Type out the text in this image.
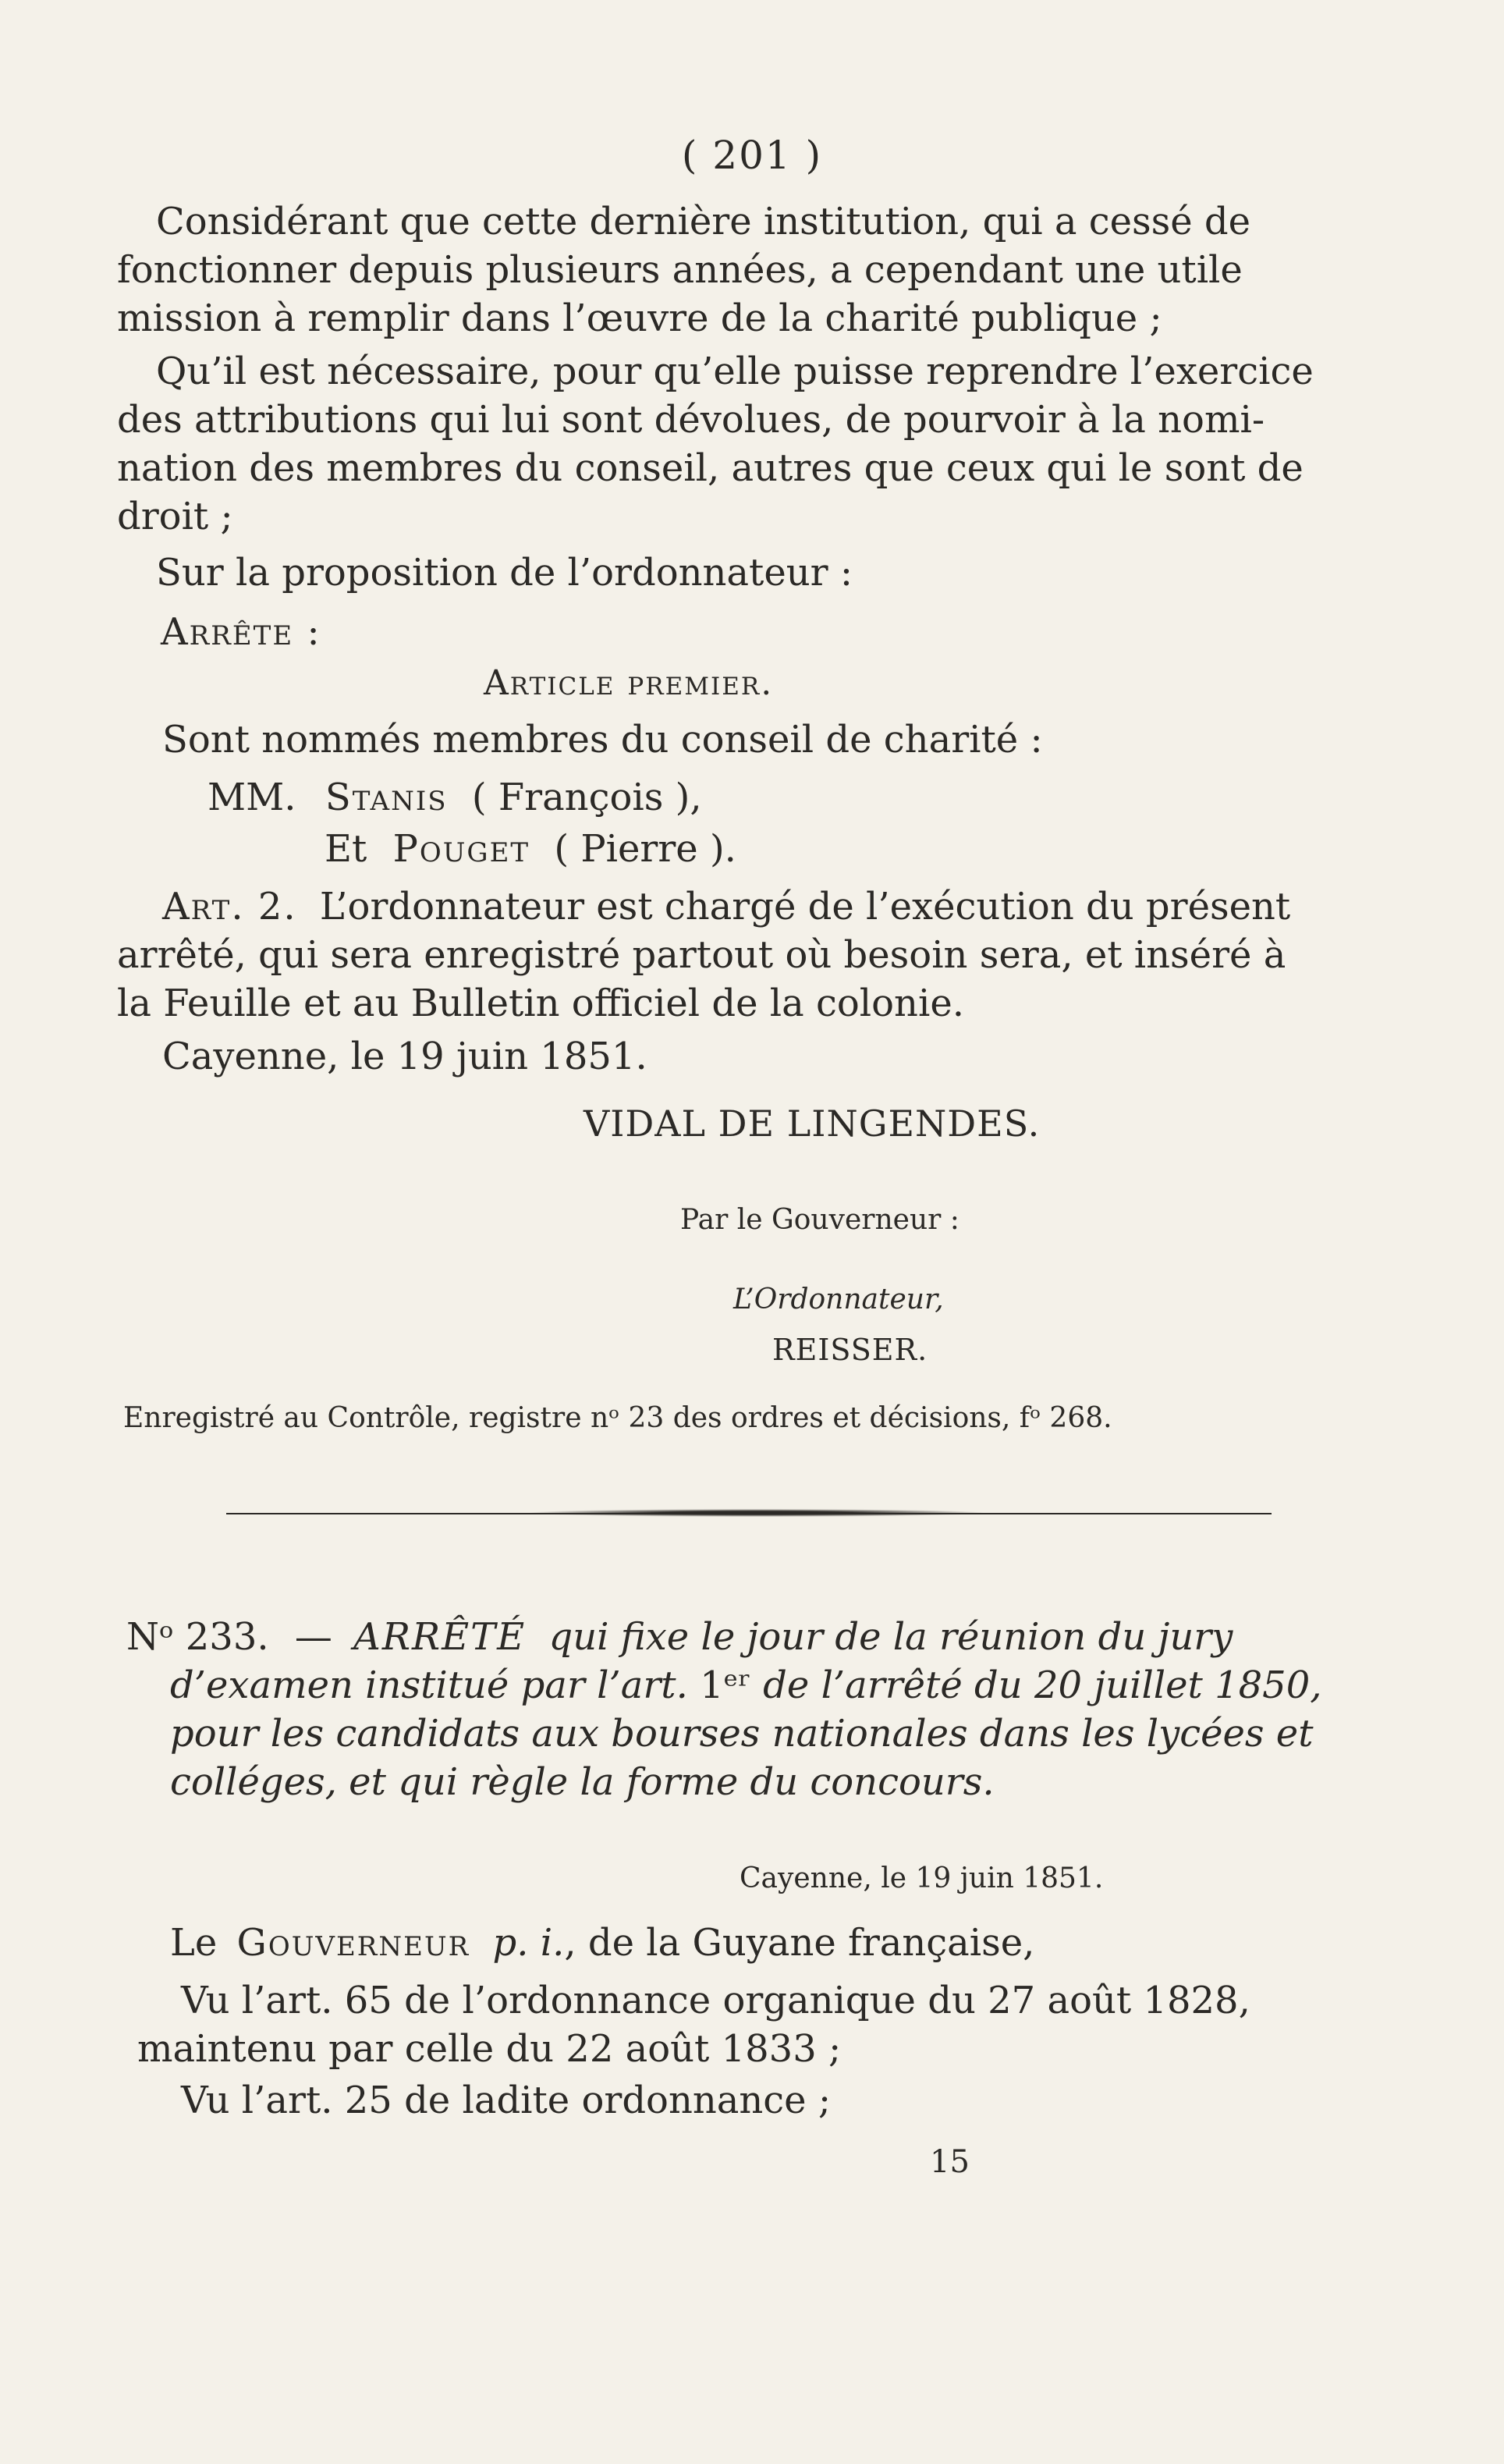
( 201 )
Considérant que cette dernière institution, qui a cessé de
fonctionner depuis plusieurs années, a cependant une utile
mission à remplir dans l’œuvre de la charité publique ;
Qu’il est nécessaire, pour qu’elle puisse reprendre l’exercice
des attributions qui lui sont dévolues, de pourvoir à la nomi-
nation des membres du conseil, autres que ceux qui le sont de
droit ;
Sur la proposition de l’ordonnateur :
Arrête :
Article premier.
Sont nommés membres du conseil de charité :
MM. Stanis ( François ),
Et Pouget ( Pierre ).
Art. 2. L’ordonnateur est chargé de l’exécution du présent
arrêté, qui sera enregistré partout où besoin sera, et inséré à
la Feuille et au Bulletin officiel de la colonie.
Cayenne, le 19 juin 1851.
VIDAL DE LINGENDES.
Par le Gouverneur :
L’Ordonnateur,
REISSER.
Enregistré au Contrôle, registre nᵒ 23 des ordres et décisions, fᵒ 268.
Nᵒ 233. — ARRÊTÉ qui fixe le jour de la réunion du jury
d’examen institué par l’art. 1ᵉʳ de l’arrêté du 20 juillet 1850,
pour les candidats aux bourses nationales dans les lycées et
colléges, et qui règle la forme du concours.
Cayenne, le 19 juin 1851.
Le Gouverneur p. i., de la Guyane française,
Vu l’art. 65 de l’ordonnance organique du 27 août 1828,
maintenu par celle du 22 août 1833 ;
Vu l’art. 25 de ladite ordonnance ;
15
